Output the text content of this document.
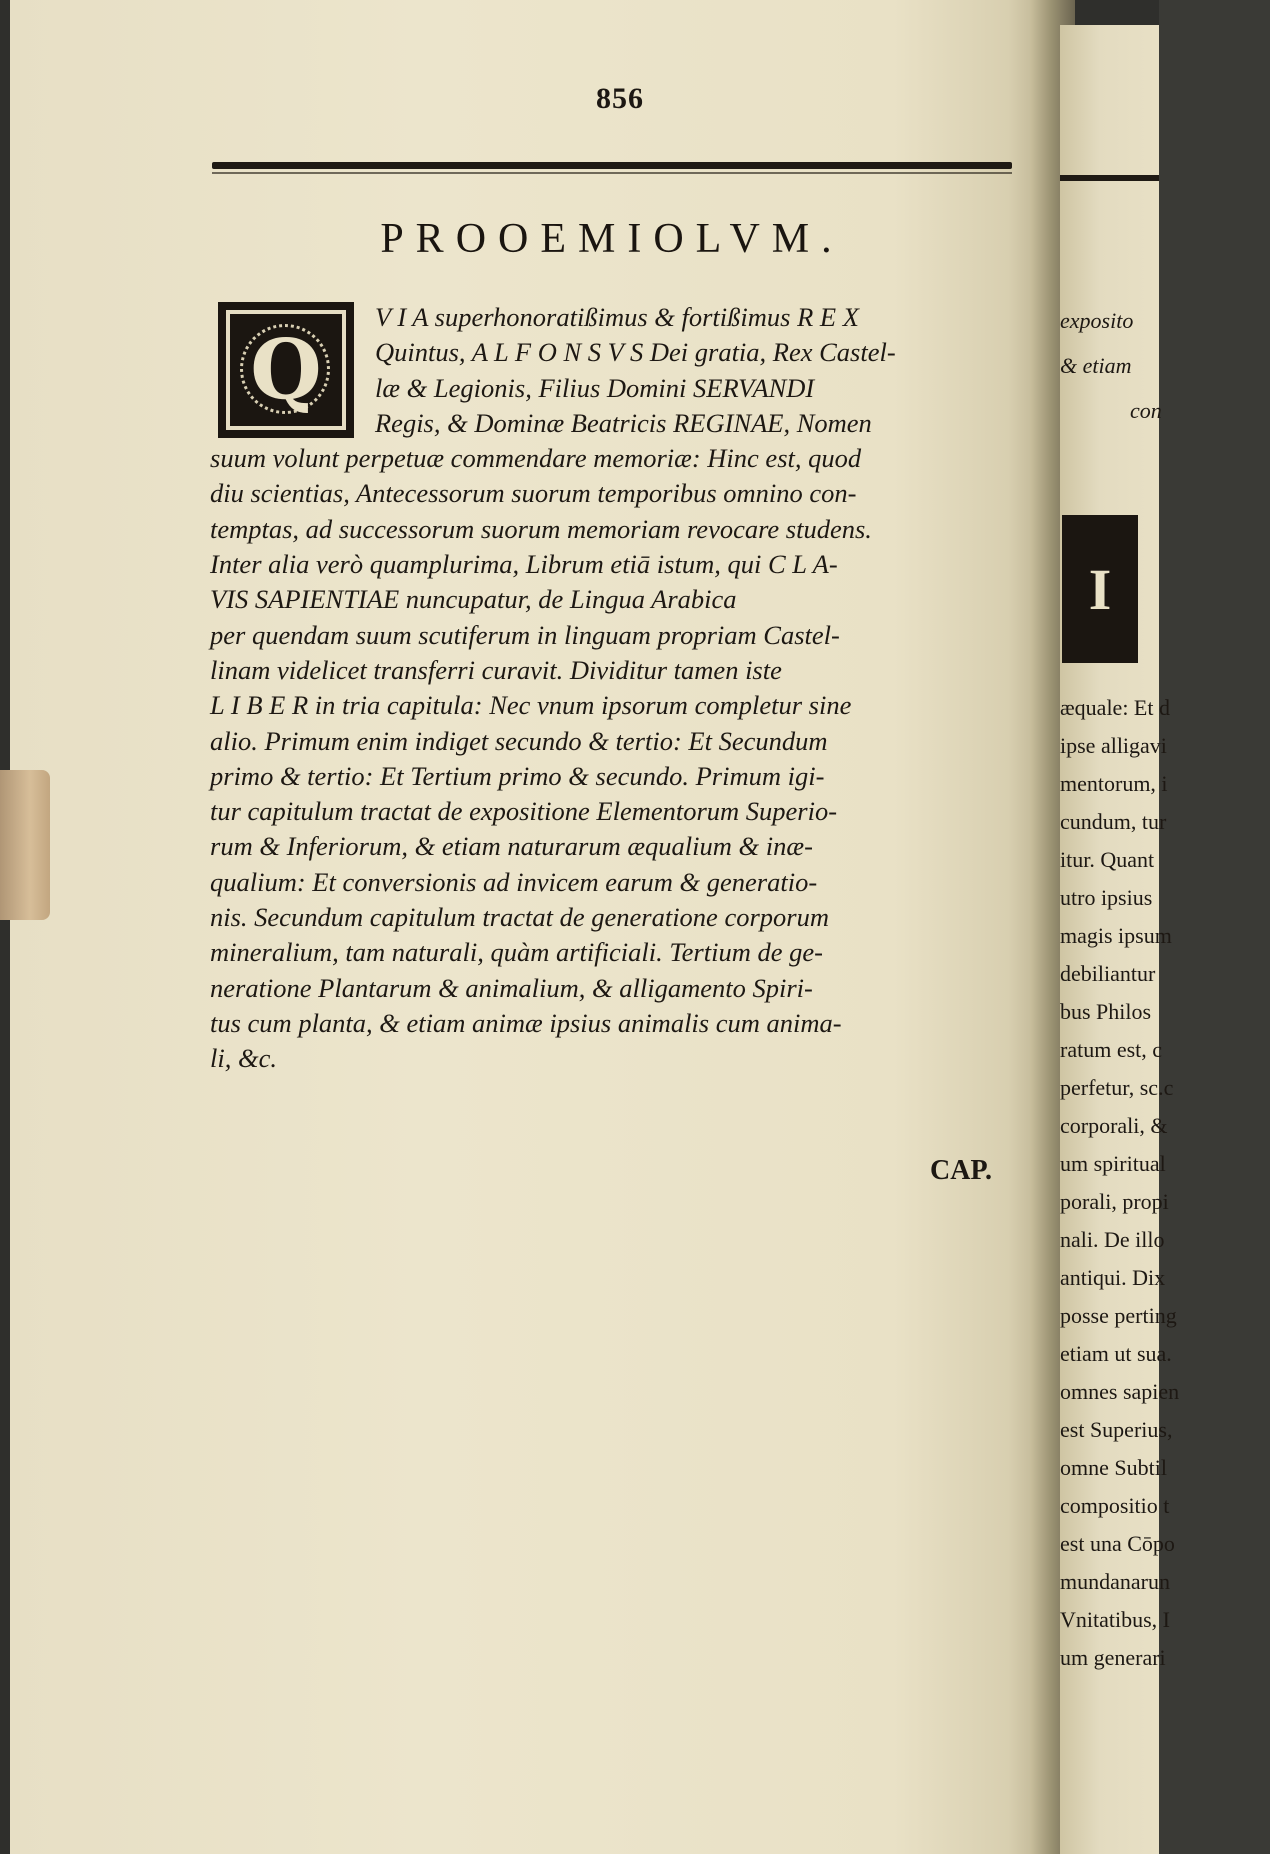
856
PROOEMIOLVM.
Q
V I A superhonoratißimus & fortißimus R E X
Quintus, A L F O N S V S Dei gratia, Rex Castel-
læ & Legionis, Filius Domini SERVANDI
Regis, & Dominæ Beatricis REGINAE, Nomen
suum volunt perpetuæ commendare memoriæ: Hinc est, quod
diu scientias, Antecessorum suorum temporibus omnino con-
temptas, ad successorum suorum memoriam revocare studens.
Inter alia verò quamplurima, Librum etiā istum, qui C L A-
VIS SAPIENTIAE nuncupatur, de Lingua Arabica
per quendam suum scutiferum in linguam propriam Castel-
linam videlicet transferri curavit. Dividitur tamen iste
L I B E R in tria capitula: Nec vnum ipsorum completur sine
alio. Primum enim indiget secundo & tertio: Et Secundum
primo & tertio: Et Tertium primo & secundo. Primum igi-
tur capitulum tractat de expositione Elementorum Superio-
rum & Inferiorum, & etiam naturarum æqualium & inæ-
qualium: Et conversionis ad invicem earum & generatio-
nis. Secundum capitulum tractat de generatione corporum
mineralium, tam naturali, quàm artificiali. Tertium de ge-
neratione Plantarum & animalium, & alligamento Spiri-
tus cum planta, & etiam animæ ipsius animalis cum anima-
li, &c.
CAP.
exposito
& etiam
con
I
æquale: Et d
ipse alligavi
mentorum, i
cundum, tur
itur. Quant
utro ipsius
magis ipsum
debiliantur
bus Philos
ratum est, c
perfetur, sc.c
corporali, &
um spiritual
porali, propi
nali. De illo
antiqui. Dix
posse perting
etiam ut sua.
omnes sapien
est Superius,
omne Subtil
compositio t
est una Cōpo
mundanarun
Vnitatibus, I
um generari
